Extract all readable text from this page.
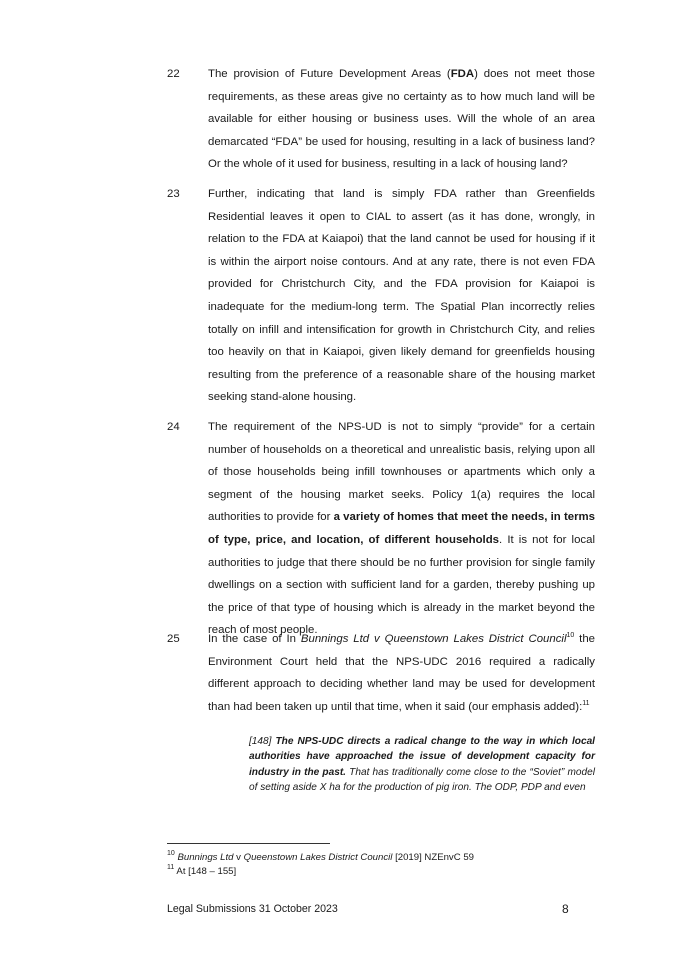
22	The provision of Future Development Areas (FDA) does not meet those requirements, as these areas give no certainty as to how much land will be available for either housing or business uses. Will the whole of an area demarcated “FDA” be used for housing, resulting in a lack of business land? Or the whole of it used for business, resulting in a lack of housing land?
23	Further, indicating that land is simply FDA rather than Greenfields Residential leaves it open to CIAL to assert (as it has done, wrongly, in relation to the FDA at Kaiapoi) that the land cannot be used for housing if it is within the airport noise contours. And at any rate, there is not even FDA provided for Christchurch City, and the FDA provision for Kaiapoi is inadequate for the medium-long term. The Spatial Plan incorrectly relies totally on infill and intensification for growth in Christchurch City, and relies too heavily on that in Kaiapoi, given likely demand for greenfields housing resulting from the preference of a reasonable share of the housing market seeking stand-alone housing.
24	The requirement of the NPS-UD is not to simply “provide” for a certain number of households on a theoretical and unrealistic basis, relying upon all of those households being infill townhouses or apartments which only a segment of the housing market seeks. Policy 1(a) requires the local authorities to provide for a variety of homes that meet the needs, in terms of type, price, and location, of different households. It is not for local authorities to judge that there should be no further provision for single family dwellings on a section with sufficient land for a garden, thereby pushing up the price of that type of housing which is already in the market beyond the reach of most people.
25	In the case of In Bunnings Ltd v Queenstown Lakes District Council$^{10}$ the Environment Court held that the NPS-UDC 2016 required a radically different approach to deciding whether land may be used for development than had been taken up until that time, when it said (our emphasis added):$^{11}$
[148] The NPS-UDC directs a radical change to the way in which local authorities have approached the issue of development capacity for industry in the past. That has traditionally come close to the “Soviet” model of setting aside X ha for the production of pig iron. The ODP, PDP and even
$^{10}$ Bunnings Ltd v Queenstown Lakes District Council [2019] NZEnvC 59
$^{11}$ At [148 – 155]
Legal Submissions 31 October 2023	8
